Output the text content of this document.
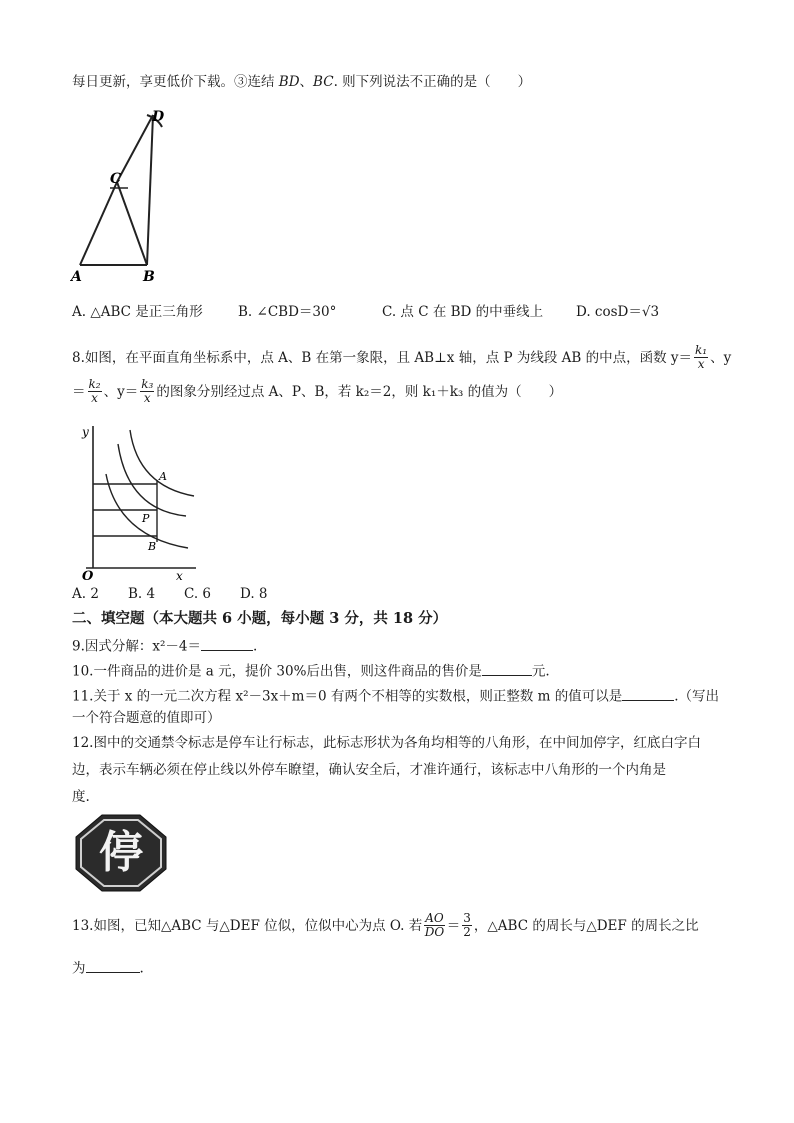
每日更新，享更低价下载。③连结 BD、BC. 则下列说法不正确的是（　　）
A	B
C
D
A. △ABC 是正三角形	B. ∠CBD＝30°	C. 点 C 在 BD 的中垂线上 D. cosD＝√3
8.如图，在平面直角坐标系中，点 A、B 在第一象限，且 AB⊥x 轴，点 P 为线段 AB 的中点，函数 $y= \frac{\text{k₁}}{x}$ 、y
＝ $\frac{\text{k₂}}{x}$ 、$y= \frac{\text{k₃}}{x}$ 的图象分别经过点 A、P、B，若 k₂＝2，则 k₁＋k₃ 的值为（　　）
y
x
O
A
P
B
A. 2 B. 4 C. 6 D. 8
二、填空题（本大题共 6 小题，每小题 3 分，共 18 分）
9.因式分解：x²－4＝	.
10.一件商品的进价是 a 元，提价 30%后出售，则这件商品的售价是	元.
11.关于 x 的一元二次方程 x²－3x＋m＝0 有两个不相等的实数根，则正整数 m 的值可以是	.（写出
一个符合题意的值即可）
12.图中的交通禁令标志是停车让行标志，此标志形状为各角均相等的八角形，在中间加停字，红底白字白
边，表示车辆必须在停止线以外停车瞭望，确认安全后，才准许通行，该标志中八角形的一个内角是
度.
停
13.如图，已知△ABC 与△DEF 位似，位似中心为点 O. 若 $\frac{AO}{DO} = \frac{3}{2}$ ，△ABC 的周长与△DEF 的周长之比
为	.
